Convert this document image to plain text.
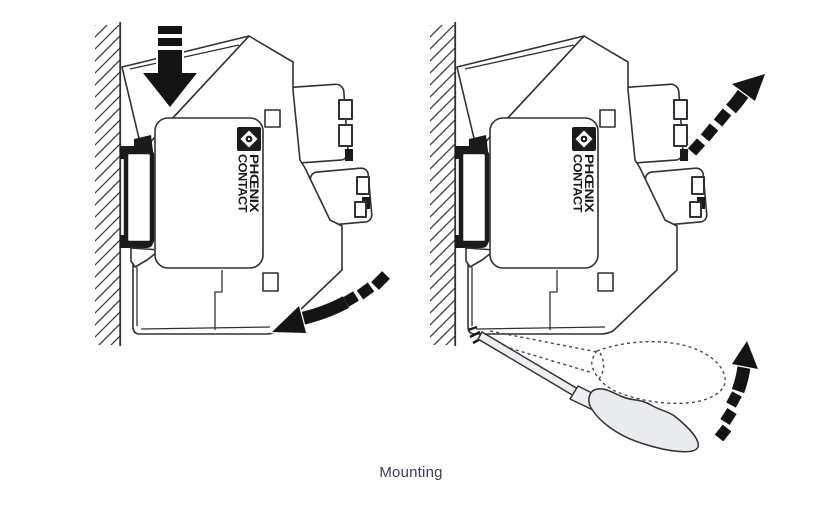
Mounting
